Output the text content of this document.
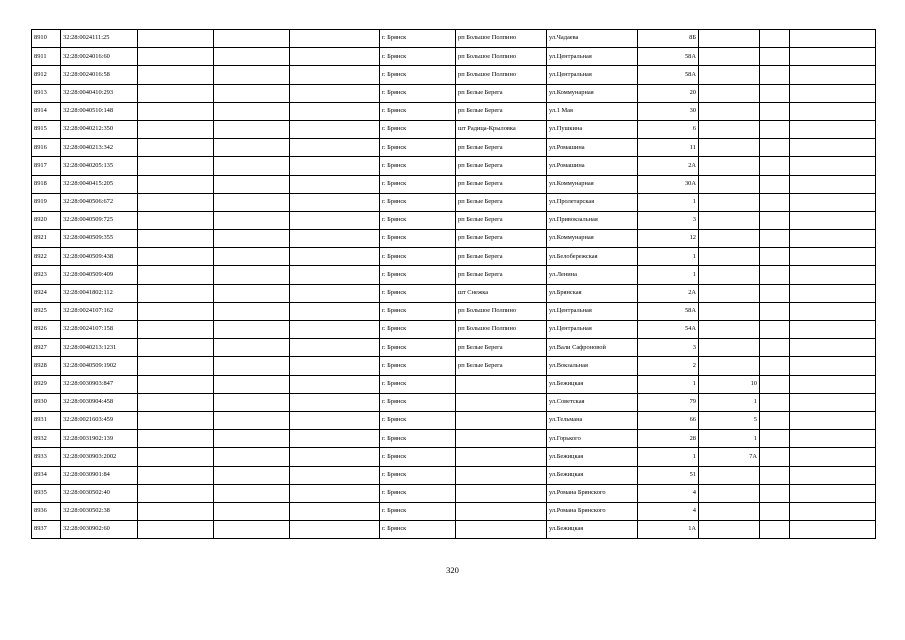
8910	32:28:0024111:25				г. Брянск	рп Большое Полпино	ул.Чадаева	8Б			
8911	32:28:0024016:60				г. Брянск	рп Большое Полпино	ул.Центральная	58А			
8912	32:28:0024016:58				г. Брянск	рп Большое Полпино	ул.Центральная	58А			
8913	32:28:0040410:293				г. Брянск	рп Белые Берега	ул.Коммунарная	20			
8914	32:28:0040510:148				г. Брянск	рп Белые Берега	ул.1 Мая	30			
8915	32:28:0040212:350				г. Брянск	шт Радица-Крыловка	ул.Пушкина	6			
8916	32:28:0040213:342				г. Брянск	рп Белые Берега	ул.Ромашина	11			
8917	32:28:0040205:135				г. Брянск	рп Белые Берега	ул.Ромашина	2А			
8918	32:28:0040415:205				г. Брянск	рп Белые Берега	ул.Коммунарная	30А			
8919	32:28:0040506:672				г. Брянск	рп Белые Берега	ул.Пролетарская	1			
8920	32:28:0040509:725				г. Брянск	рп Белые Берега	ул.Привокзальная	3			
8921	32:28:0040509:355				г. Брянск	рп Белые Берега	ул.Коммунарная	12			
8922	32:28:0040509:438				г. Брянск	рп Белые Берега	ул.Белобережская	1			
8923	32:28:0040509:409				г. Брянск	рп Белые Берега	ул.Ленина	1			
8924	32:28:0041802:112				г. Брянск	шт Снежка	ул.Брянская	2А			
8925	32:28:0024107:162				г. Брянск	рп Большое Полпино	ул.Центральная	58А			
8926	32:28:0024107:158				г. Брянск	рп Большое Полпино	ул.Центральная	54А			
8927	32:28:0040213:1231				г. Брянск	рп Белые Берега	ул.Вали Сафроновой	3			
8928	32:28:0040509:1902				г. Брянск	рп Белые Берега	ул.Вокзальная	2			
8929	32:28:0030903:847				г. Брянск		ул.Бежицкая	1	10		
8930	32:28:0030904:458				г. Брянск		ул.Советская	79	1		
8931	32:28:0021603:459				г. Брянск		ул.Тельмана	66	5		
8932	32:28:0031902:139				г. Брянск		ул.Горького	28	1		
8933	32:28:0030903:2002				г. Брянск		ул.Бежицкая	1	7А		
8934	32:28:0030901:84				г. Брянск		ул.Бежицкая	51			
8935	32:28:0030502:40				г. Брянск		ул.Романа Брянского	4			
8936	32:28:0030502:38				г. Брянск		ул.Романа Брянского	4			
8937	32:28:0030902:60				г. Брянск		ул.Бежицкая	1А			
320
